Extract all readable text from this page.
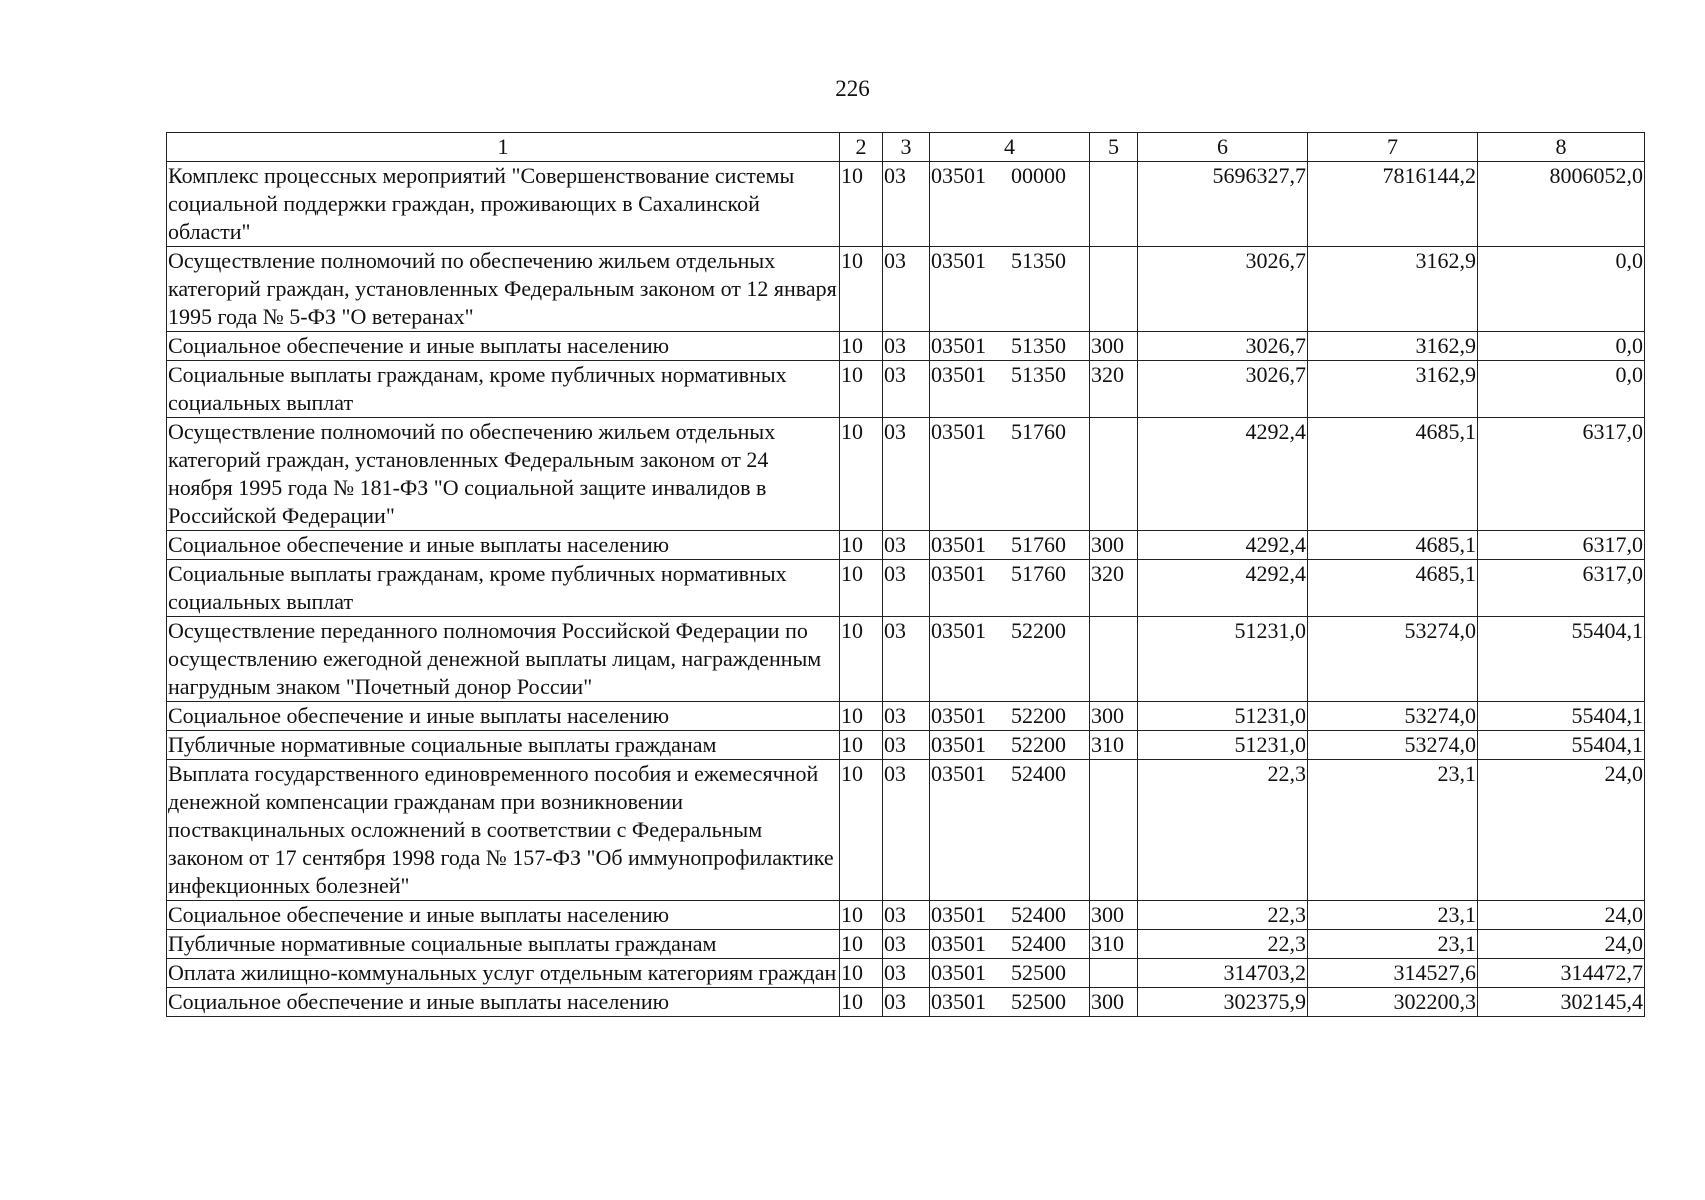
226
1	2	3	4	5	6	7	8
Комплекс процессных мероприятий "Совершенствование системы социальной поддержки граждан, проживающих в Сахалинской области"	10	03	03501 00000		5696327,7	7816144,2	8006052,0
Осуществление полномочий по обеспечению жильем отдельных категорий граждан, установленных Федеральным законом от 12 января 1995 года № 5-ФЗ "О ветеранах"	10	03	03501 51350		3026,7	3162,9	0,0
Социальное обеспечение и иные выплаты населению	10	03	03501 51350	300	3026,7	3162,9	0,0
Социальные выплаты гражданам, кроме публичных нормативных социальных выплат	10	03	03501 51350	320	3026,7	3162,9	0,0
Осуществление полномочий по обеспечению жильем отдельных категорий граждан, установленных Федеральным законом от 24 ноября 1995 года № 181-ФЗ "О социальной защите инвалидов в Российской Федерации"	10	03	03501 51760		4292,4	4685,1	6317,0
Социальное обеспечение и иные выплаты населению	10	03	03501 51760	300	4292,4	4685,1	6317,0
Социальные выплаты гражданам, кроме публичных нормативных социальных выплат	10	03	03501 51760	320	4292,4	4685,1	6317,0
Осуществление переданного полномочия Российской Федерации по осуществлению ежегодной денежной выплаты лицам, награжденным нагрудным знаком "Почетный донор России"	10	03	03501 52200		51231,0	53274,0	55404,1
Социальное обеспечение и иные выплаты населению	10	03	03501 52200	300	51231,0	53274,0	55404,1
Публичные нормативные социальные выплаты гражданам	10	03	03501 52200	310	51231,0	53274,0	55404,1
Выплата государственного единовременного пособия и ежемесячной денежной компенсации гражданам при возникновении поствакцинальных осложнений в соответствии с Федеральным законом от 17 сентября 1998 года № 157-ФЗ "Об иммунопрофилактике инфекционных болезней"	10	03	03501 52400		22,3	23,1	24,0
Социальное обеспечение и иные выплаты населению	10	03	03501 52400	300	22,3	23,1	24,0
Публичные нормативные социальные выплаты гражданам	10	03	03501 52400	310	22,3	23,1	24,0
Оплата жилищно-коммунальных услуг отдельным категориям граждан	10	03	03501 52500		314703,2	314527,6	314472,7
Социальное обеспечение и иные выплаты населению	10	03	03501 52500	300	302375,9	302200,3	302145,4
